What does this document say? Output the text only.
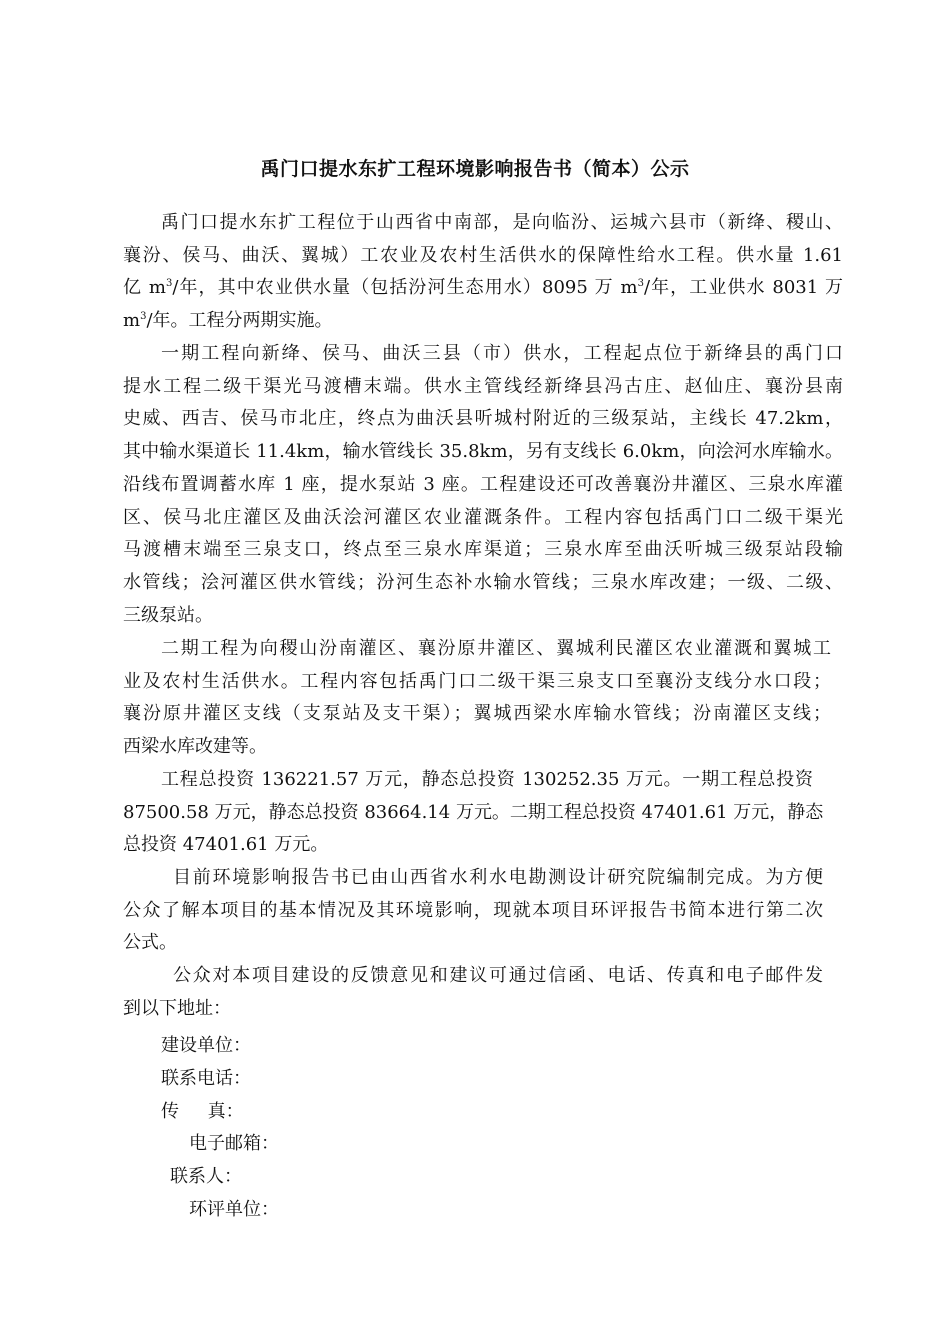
禹门口提水东扩工程环境影响报告书（简本）公示
禹门口提水东扩工程位于山西省中南部，是向临汾、运城六县市（新绛、稷山、
襄汾、侯马、曲沃、翼城）工农业及农村生活供水的保障性给水工程。供水量 1.61
亿 $m^3/$年，其中农业供水量（包括汾河生态用水）8095 万 $m^3/$年，工业供水 8031 万
$m^3/$年。工程分两期实施。
一期工程向新绛、侯马、曲沃三县（市）供水，工程起点位于新绛县的禹门口
提水工程二级干渠光马渡槽末端。供水主管线经新绛县冯古庄、赵仙庄、襄汾县南
史威、西吉、侯马市北庄，终点为曲沃县听城村附近的三级泵站，主线长 47.2km，
其中输水渠道长 11.4km，输水管线长 35.8km，另有支线长 6.0km，向浍河水库输水。
沿线布置调蓄水库 1 座，提水泵站 3 座。工程建设还可改善襄汾井灌区、三泉水库灌
区、侯马北庄灌区及曲沃浍河灌区农业灌溉条件。工程内容包括禹门口二级干渠光
马渡槽末端至三泉支口，终点至三泉水库渠道；三泉水库至曲沃听城三级泵站段输
水管线；浍河灌区供水管线；汾河生态补水输水管线；三泉水库改建；一级、二级、
三级泵站。
二期工程为向稷山汾南灌区、襄汾原井灌区、翼城利民灌区农业灌溉和翼城工
业及农村生活供水。工程内容包括禹门口二级干渠三泉支口至襄汾支线分水口段；
襄汾原井灌区支线（支泵站及支干渠）；翼城西梁水库输水管线；汾南灌区支线；
西梁水库改建等。
工程总投资 136221.57 万元，静态总投资 130252.35 万元。一期工程总投资
87500.58 万元，静态总投资 83664.14 万元。二期工程总投资 47401.61 万元，静态
总投资 47401.61 万元。
目前环境影响报告书已由山西省水利水电勘测设计研究院编制完成。为方便
公众了解本项目的基本情况及其环境影响，现就本项目环评报告书简本进行第二次
公式。
公众对本项目建设的反馈意见和建议可通过信函、电话、传真和电子邮件发
到以下地址：
建设单位：
联系电话：
传     真：
电子邮箱：
联系人：
环评单位：
